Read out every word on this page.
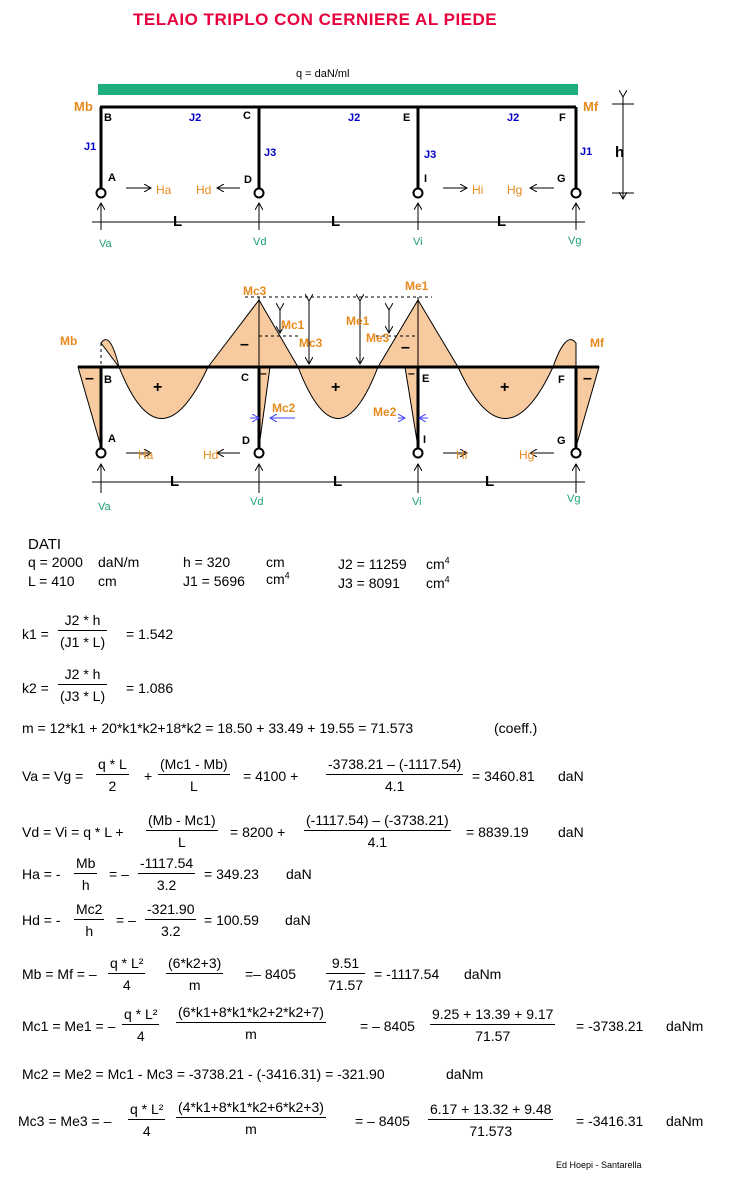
TELAIO TRIPLO CON CERNIERE AL PIEDE
q = daN/ml
Mb	Mf
B	C	E	F
J2	J2	J2
J1	J3	J3	J1 h
A	D	I	G
Ha Hd	Hi Hg
L	L	L
Va	Vd	Vi	Vg
Mc3	Me1
Mc1	Me1
Mc3	Me3
Mb	Mf
–	–
–	–
+	+	+
–	–
B	C	E	F
Mc2	Me2
A	D	I	G
Ha	Hd	Hi	Hg
L	L	L
Va	Vd	Vi	Vg
DATI
q = 2000 daN/m
L = 410 cm
h = 320	cm
J1 = 5696 $cm^4$
J2 = 11259 $cm^4$
J3 = 8091 $cm^4$
$k1 = \frac{J2 * h}{(J1 * L)} = 1.542$
$k2 = \frac{J2 * h}{(J3 * L)} = 1.086$
m = 12*k1 + 20*k1*k2+18*k2 = 18.50 + 33.49 + 19.55 = 71.573	(coeff.)
$Va = Vg = \frac{q * L}{2} + \frac{(Mc1 - Mb)}{L} = 4100 + \frac{-3738.21 - (-1117.54)}{4.1} = 3460.81$ daN
$Vd = Vi = q * L + \frac{(Mb - Mc1)}{L} = 8200 + \frac{(-1117.54) - (-3738.21)}{4.1} = 8839.19$ daN
Ha = - $\frac{Mb}{h}$ = – $\frac{-1117.54}{3.2} = 349.23$ daN
Hd = - $\frac{Mc2}{h}$ = – $\frac{-321.90}{3.2} = 100.59$ daN
Mb = Mf = – $\frac{\text{q * L²}}{4} \frac{(6*k2+3)}{m} =- 8405 \frac{9.51}{71.57} = -1117.54$ daNm
Mc1 = Me1 = – $\frac{\text{q * L²}}{4} \frac{(6*k1+8*k1*k2+2*k2+7)}{m}$ = – $8405 \frac{9.25 + 13.39 + 9.17}{71.57} = -3738.21$ daNm
Mc2 = Me2 = Mc1 - Mc3 = -3738.21 - (-3416.31) = -321.90	daNm
Mc3 = Me3 = – $\frac{\text{q * L²}}{4} \frac{(4*k1+8*k1*k2+6*k2+3)}{m}$ = – $8405 \frac{6.17 + 13.32 + 9.48}{71.573} = -3416.31$ daNm
Ed Hoepi - Santarella
